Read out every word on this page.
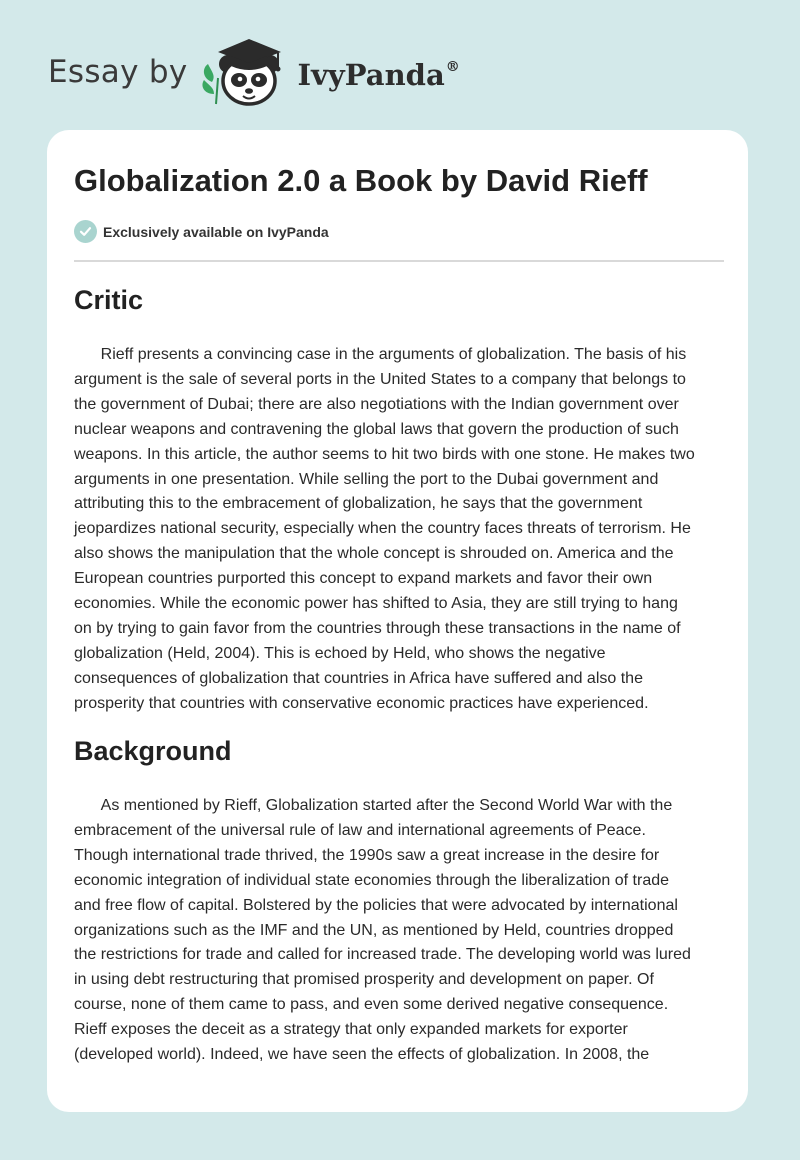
Essay by	IvyPanda®
Globalization 2.0 a Book by David Rieff
Exclusively available on IvyPanda
Critic

Rieff presents a convincing case in the arguments of globalization. The basis of his
argument is the sale of several ports in the United States to a company that belongs to
the government of Dubai; there are also negotiations with the Indian government over
nuclear weapons and contravening the global laws that govern the production of such
weapons. In this article, the author seems to hit two birds with one stone. He makes two
arguments in one presentation. While selling the port to the Dubai government and
attributing this to the embracement of globalization, he says that the government
jeopardizes national security, especially when the country faces threats of terrorism. He
also shows the manipulation that the whole concept is shrouded on. America and the
European countries purported this concept to expand markets and favor their own
economies. While the economic power has shifted to Asia, they are still trying to hang
on by trying to gain favor from the countries through these transactions in the name of
globalization (Held, 2004). This is echoed by Held, who shows the negative
consequences of globalization that countries in Africa have suffered and also the
prosperity that countries with conservative economic practices have experienced.

Background

As mentioned by Rieff, Globalization started after the Second World War with the
embracement of the universal rule of law and international agreements of Peace.
Though international trade thrived, the 1990s saw a great increase in the desire for
economic integration of individual state economies through the liberalization of trade
and free flow of capital. Bolstered by the policies that were advocated by international
organizations such as the IMF and the UN, as mentioned by Held, countries dropped
the restrictions for trade and called for increased trade. The developing world was lured
in using debt restructuring that promised prosperity and development on paper. Of
course, none of them came to pass, and even some derived negative consequence.
Rieff exposes the deceit as a strategy that only expanded markets for exporter
(developed world). Indeed, we have seen the effects of globalization. In 2008, the
